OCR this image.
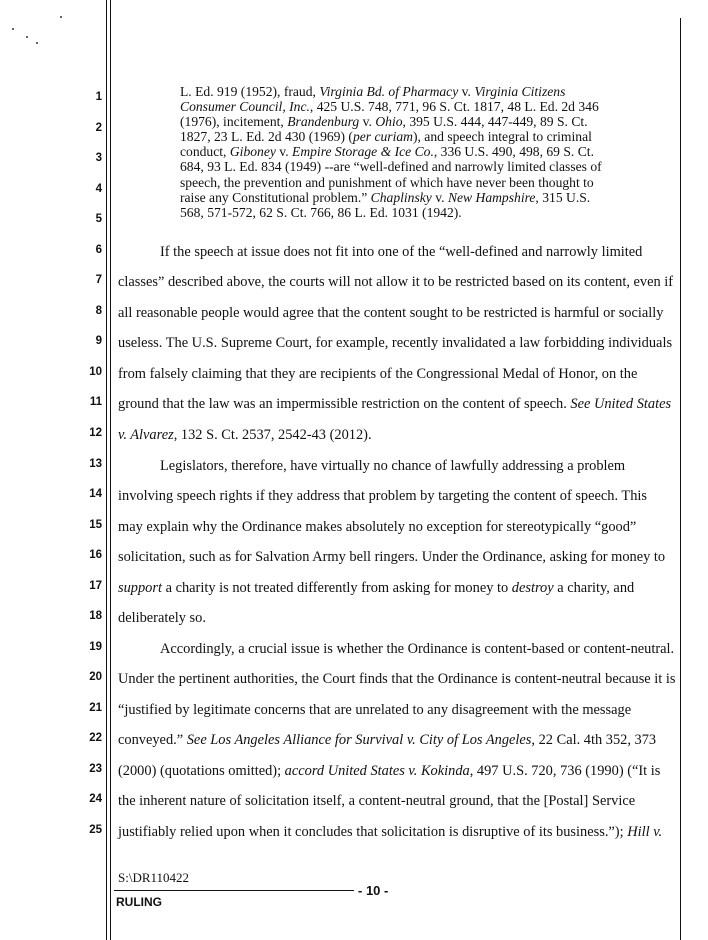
1
2
3
4
5
6
7
8
9
10
11
12
13
14
15
16
17
18
19
20
21
22
23
24
25
L. Ed. 919 (1952), fraud, Virginia Bd. of Pharmacy v. Virginia Citizens
Consumer Council, Inc., 425 U.S. 748, 771, 96 S. Ct. 1817, 48 L. Ed. 2d 346
(1976), incitement, Brandenburg v. Ohio, 395 U.S. 444, 447-449, 89 S. Ct.
1827, 23 L. Ed. 2d 430 (1969) (per curiam), and speech integral to criminal
conduct, Giboney v. Empire Storage & Ice Co., 336 U.S. 490, 498, 69 S. Ct.
684, 93 L. Ed. 834 (1949) --are “well-defined and narrowly limited classes of
speech, the prevention and punishment of which have never been thought to
raise any Constitutional problem.” Chaplinsky v. New Hampshire, 315 U.S.
568, 571-572, 62 S. Ct. 766, 86 L. Ed. 1031 (1942).
If the speech at issue does not fit into one of the “well-defined and narrowly limited
classes” described above, the courts will not allow it to be restricted based on its content, even if
all reasonable people would agree that the content sought to be restricted is harmful or socially
useless. The U.S. Supreme Court, for example, recently invalidated a law forbidding individuals
from falsely claiming that they are recipients of the Congressional Medal of Honor, on the
ground that the law was an impermissible restriction on the content of speech. See United States
v. Alvarez, 132 S. Ct. 2537, 2542-43 (2012).
Legislators, therefore, have virtually no chance of lawfully addressing a problem
involving speech rights if they address that problem by targeting the content of speech. This
may explain why the Ordinance makes absolutely no exception for stereotypically “good”
solicitation, such as for Salvation Army bell ringers. Under the Ordinance, asking for money to
support a charity is not treated differently from asking for money to destroy a charity, and
deliberately so.
Accordingly, a crucial issue is whether the Ordinance is content-based or content-neutral.
Under the pertinent authorities, the Court finds that the Ordinance is content-neutral because it is
“justified by legitimate concerns that are unrelated to any disagreement with the message
conveyed.” See Los Angeles Alliance for Survival v. City of Los Angeles, 22 Cal. 4th 352, 373
(2000) (quotations omitted); accord United States v. Kokinda, 497 U.S. 720, 736 (1990) (“It is
the inherent nature of solicitation itself, a content-neutral ground, that the [Postal] Service
justifiably relied upon when it concludes that solicitation is disruptive of its business.”); Hill v.
S:\DR110422
- 10 -
RULING
